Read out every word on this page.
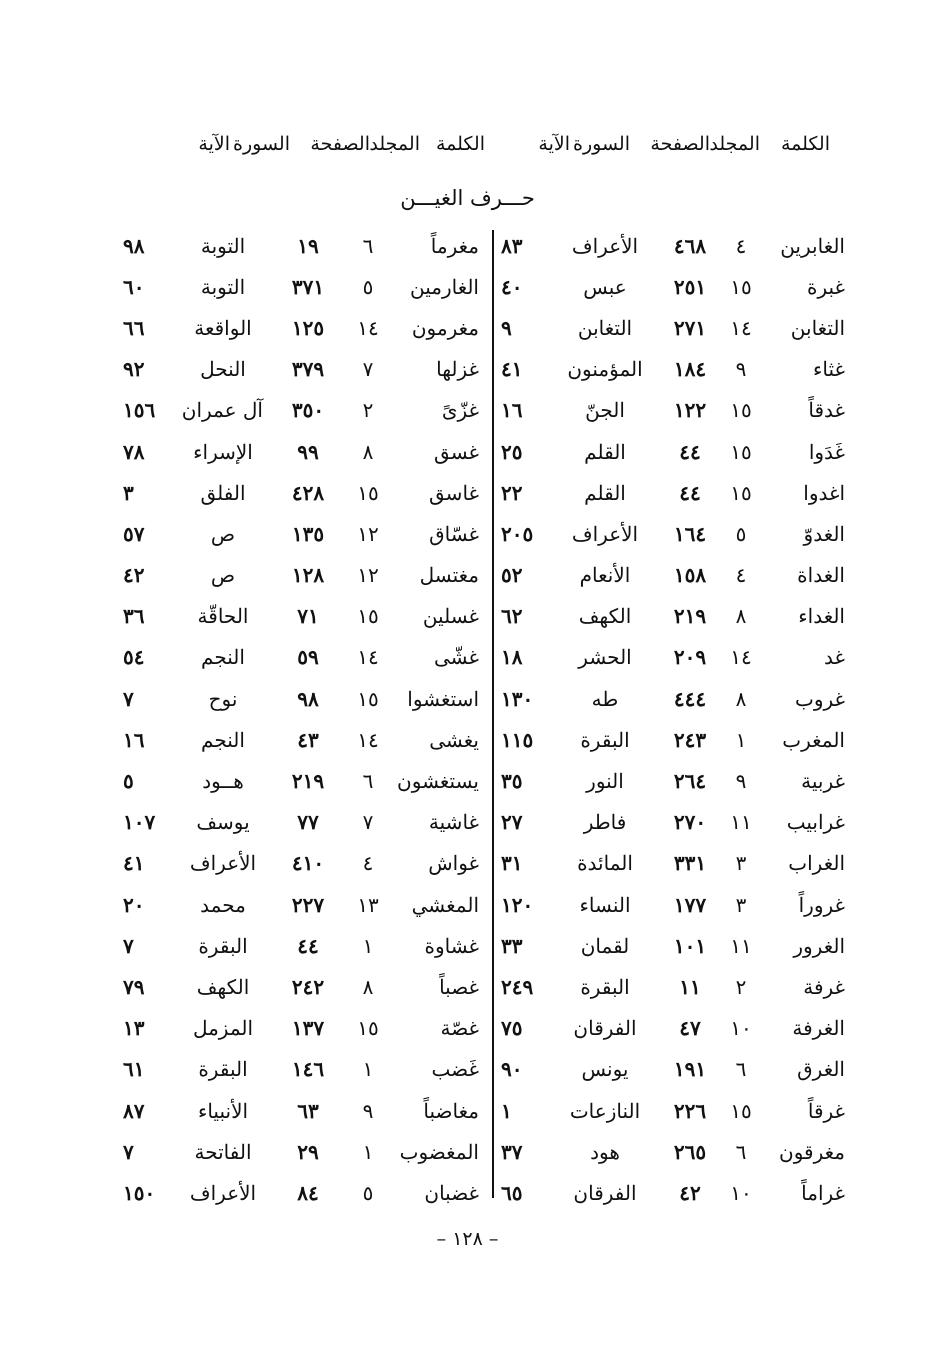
الكلمة
المجلد
الصفحة
السورة
الآية
الكلمة
المجلد
الصفحة
السورة
الآية
حـــرف الغيـــن
الغابرين
٤
٤٦٨
الأعراف
٨٣
مغرماً
٦
١٩
التوبة
٩٨
غبرة
١٥
٢٥١
عبس
٤٠
الغارمين
٥
٣٧١
التوبة
٦٠
التغابن
١٤
٢٧١
التغابن
٩
مغرمون
١٤
١٢٥
الواقعة
٦٦
غثاء
٩
١٨٤
المؤمنون
٤١
غزلها
٧
٣٧٩
النحل
٩٢
غدقاً
١٥
١٢٢
الجنّ
١٦
غزّىً
٢
٣٥٠
آل عمران
١٥٦
غَدَوا
١٥
٤٤
القلم
٢٥
غسق
٨
٩٩
الإسراء
٧٨
اغدوا
١٥
٤٤
القلم
٢٢
غاسق
١٥
٤٢٨
الفلق
٣
الغدوّ
٥
١٦٤
الأعراف
٢٠٥
غسّاق
١٢
١٣٥
ص
٥٧
الغداة
٤
١٥٨
الأنعام
٥٢
مغتسل
١٢
١٢٨
ص
٤٢
الغداء
٨
٢١٩
الكهف
٦٢
غسلين
١٥
٧١
الحاقّة
٣٦
غد
١٤
٢٠٩
الحشر
١٨
غشّى
١٤
٥٩
النجم
٥٤
غروب
٨
٤٤٤
طه
١٣٠
استغشوا
١٥
٩٨
نوح
٧
المغرب
١
٢٤٣
البقرة
١١٥
يغشى
١٤
٤٣
النجم
١٦
غربية
٩
٢٦٤
النور
٣٥
يستغشون
٦
٢١٩
هــود
٥
غرابيب
١١
٢٧٠
فاطر
٢٧
غاشية
٧
٧٧
يوسف
١٠٧
الغراب
٣
٣٣١
المائدة
٣١
غواش
٤
٤١٠
الأعراف
٤١
غروراً
٣
١٧٧
النساء
١٢٠
المغشي
١٣
٢٢٧
محمد
٢٠
الغرور
١١
١٠١
لقمان
٣٣
غشاوة
١
٤٤
البقرة
٧
غرفة
٢
١١
البقرة
٢٤٩
غصباً
٨
٢٤٢
الكهف
٧٩
الغرفة
١٠
٤٧
الفرقان
٧٥
غصّة
١٥
١٣٧
المزمل
١٣
الغرق
٦
١٩١
يونس
٩٠
غَضب
١
١٤٦
البقرة
٦١
غرقاً
١٥
٢٢٦
النازعات
١
مغاضباً
٩
٦٣
الأنبياء
٨٧
مغرقون
٦
٢٦٥
هود
٣٧
المغضوب
١
٢٩
الفاتحة
٧
غراماً
١٠
٤٢
الفرقان
٦٥
غضبان
٥
٨٤
الأعراف
١٥٠
– ١٢٨ –
